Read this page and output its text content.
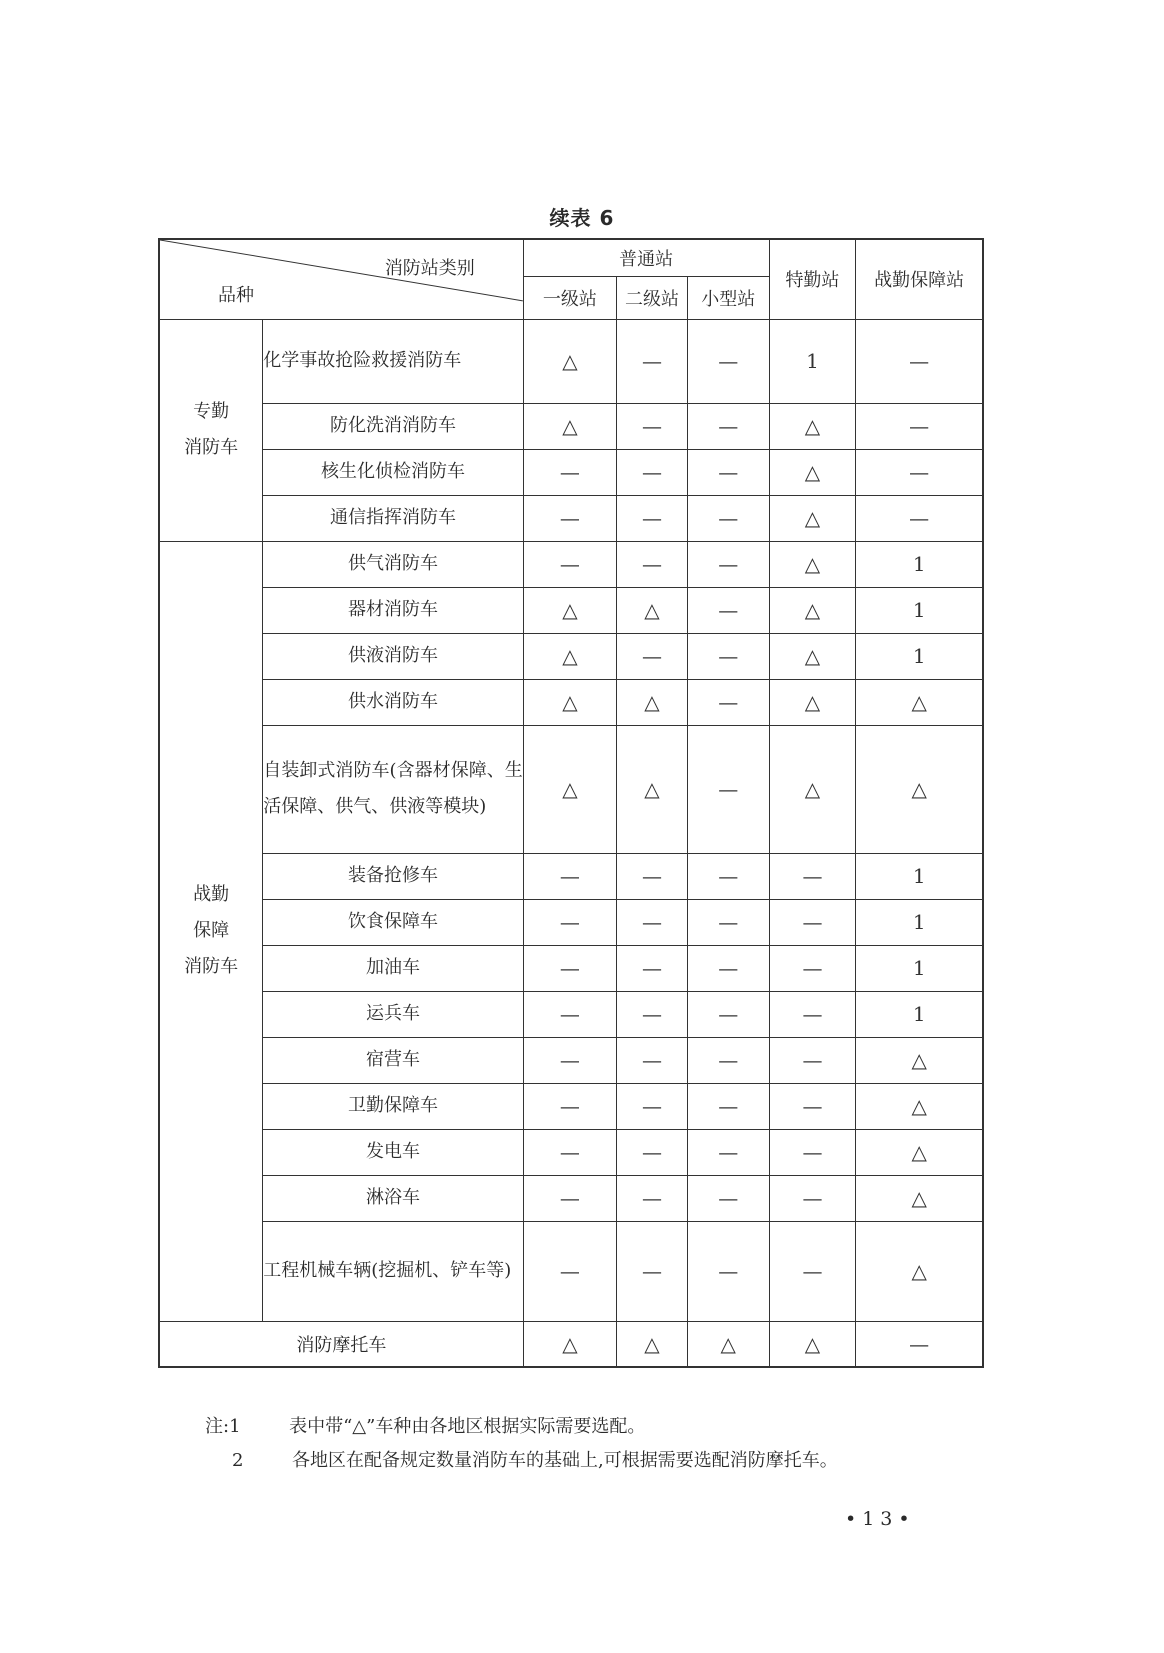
续表 6
消防站类别
品种		普通站			特勤站	战勤保障站
		一级站	二级站	小型站		

专勤
消防车	化学事故抢险救援消防车	△	—	—	1	—
	防化洗消消防车	△	—	—	△	—
	核生化侦检消防车	—	—	—	△	—
	通信指挥消防车	—	—	—	△	—

战勤
保障
消防车	供气消防车	—	—	—	△	1
	器材消防车	△	△	—	△	1
	供液消防车	△	—	—	△	1
	供水消防车	△	△	—	△	△
	自装卸式消防车(含器材保障、生活保障、供气、供液等模块)	△	△	—	△	△
	装备抢修车	—	—	—	—	1
	饮食保障车	—	—	—	—	1
	加油车	—	—	—	—	1
	运兵车	—	—	—	—	1
	宿营车	—	—	—	—	△
	卫勤保障车	—	—	—	—	△
	发电车	—	—	—	—	△
	淋浴车	—	—	—	—	△
	工程机械车辆(挖掘机、铲车等)	—	—	—	—	△
消防摩托车		△	△	△	△	—
注:1	表中带“△”车种由各地区根据实际需要选配。
2	各地区在配备规定数量消防车的基础上,可根据需要选配消防摩托车。
•13•
